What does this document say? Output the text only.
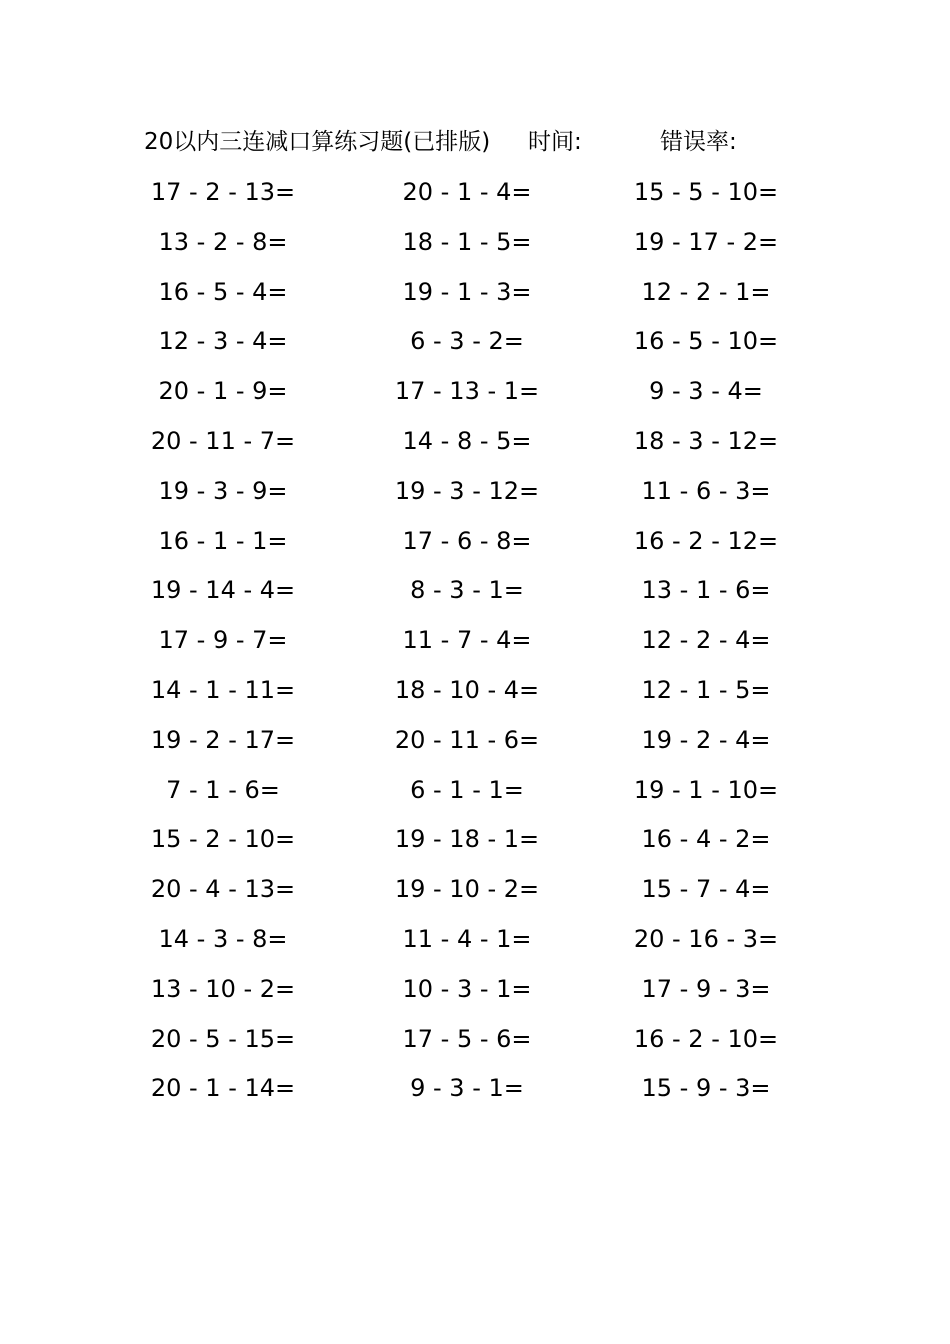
20以内三连减口算练习题(已排版) 时间:	错误率:
17 - 2 - 13=	20 - 1 - 4=	15 - 5 - 10=
13 - 2 - 8=	18 - 1 - 5=	19 - 17 - 2=
16 - 5 - 4=	19 - 1 - 3=	12 - 2 - 1=
12 - 3 - 4=	6 - 3 - 2=	16 - 5 - 10=
20 - 1 - 9=	17 - 13 - 1=	9 - 3 - 4=
20 - 11 - 7=	14 - 8 - 5=	18 - 3 - 12=
19 - 3 - 9=	19 - 3 - 12=	11 - 6 - 3=
16 - 1 - 1=	17 - 6 - 8=	16 - 2 - 12=
19 - 14 - 4=	8 - 3 - 1=	13 - 1 - 6=
17 - 9 - 7=	11 - 7 - 4=	12 - 2 - 4=
14 - 1 - 11=	18 - 10 - 4=	12 - 1 - 5=
19 - 2 - 17=	20 - 11 - 6=	19 - 2 - 4=
7 - 1 - 6=	6 - 1 - 1=	19 - 1 - 10=
15 - 2 - 10=	19 - 18 - 1=	16 - 4 - 2=
20 - 4 - 13=	19 - 10 - 2=	15 - 7 - 4=
14 - 3 - 8=	11 - 4 - 1=	20 - 16 - 3=
13 - 10 - 2=	10 - 3 - 1=	17 - 9 - 3=
20 - 5 - 15=	17 - 5 - 6=	16 - 2 - 10=
20 - 1 - 14=	9 - 3 - 1=	15 - 9 - 3=
